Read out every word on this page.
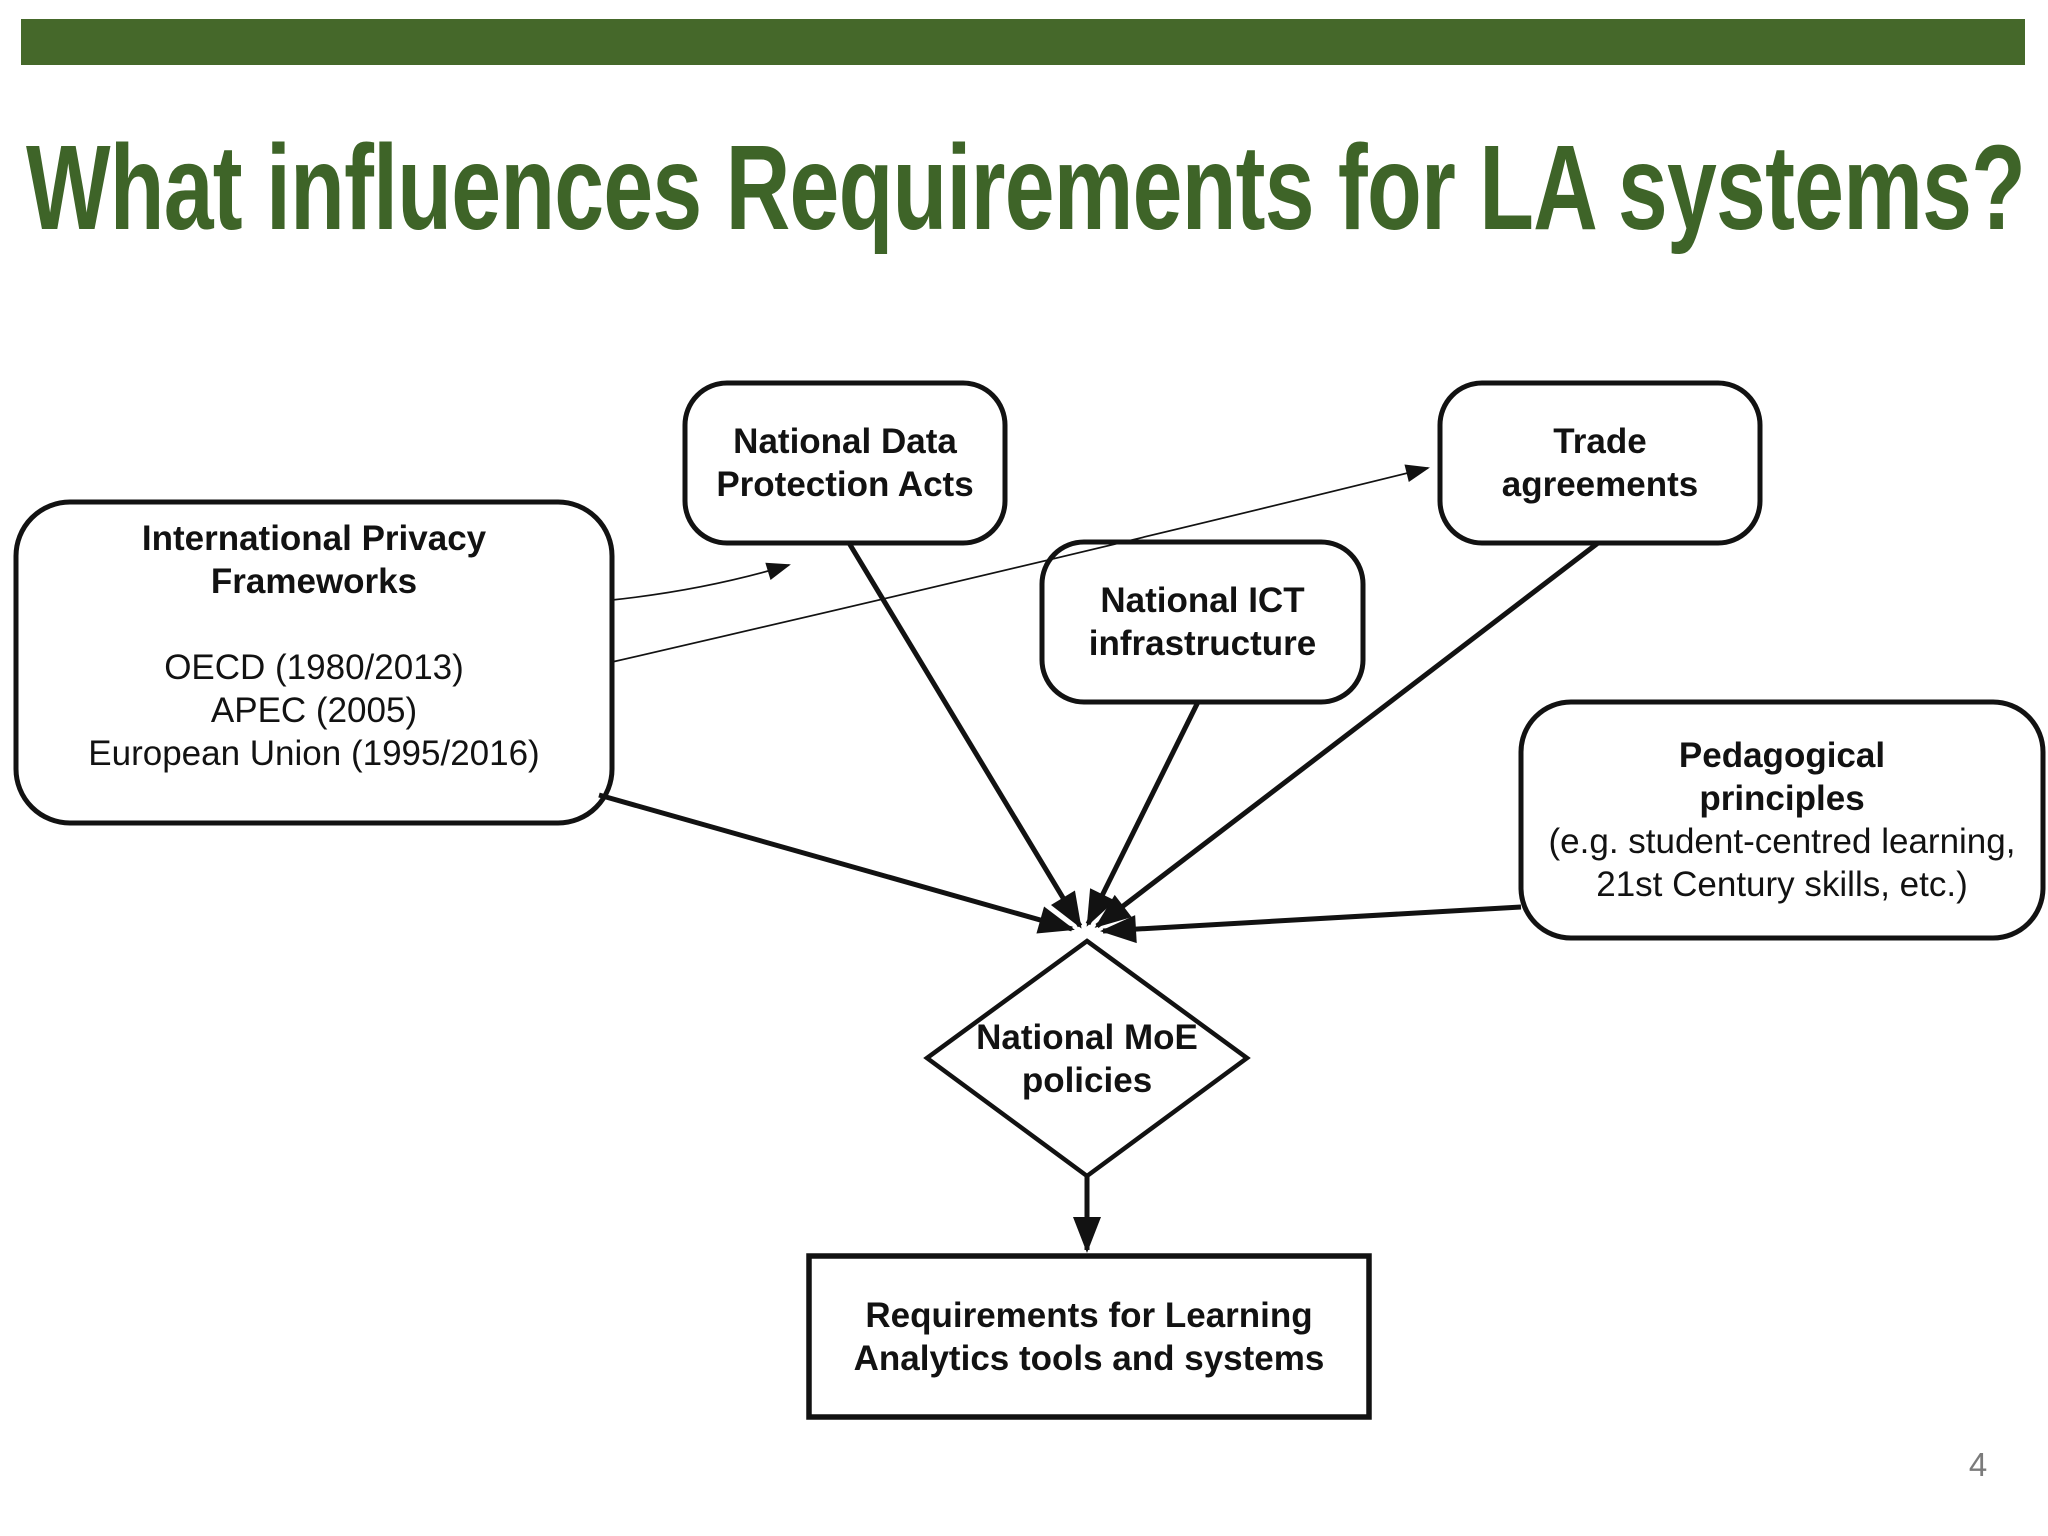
What influences Requirements for LA systems?
International Privacy
Frameworks
OECD (1980/2013)
APEC (2005)
European Union (1995/2016)
National Data
Protection Acts
Trade
agreements
National ICT
infrastructure
Pedagogical
principles
(e.g. student-centred learning,
21st Century skills, etc.)
National MoE
policies
Requirements for Learning
Analytics tools and systems
4
